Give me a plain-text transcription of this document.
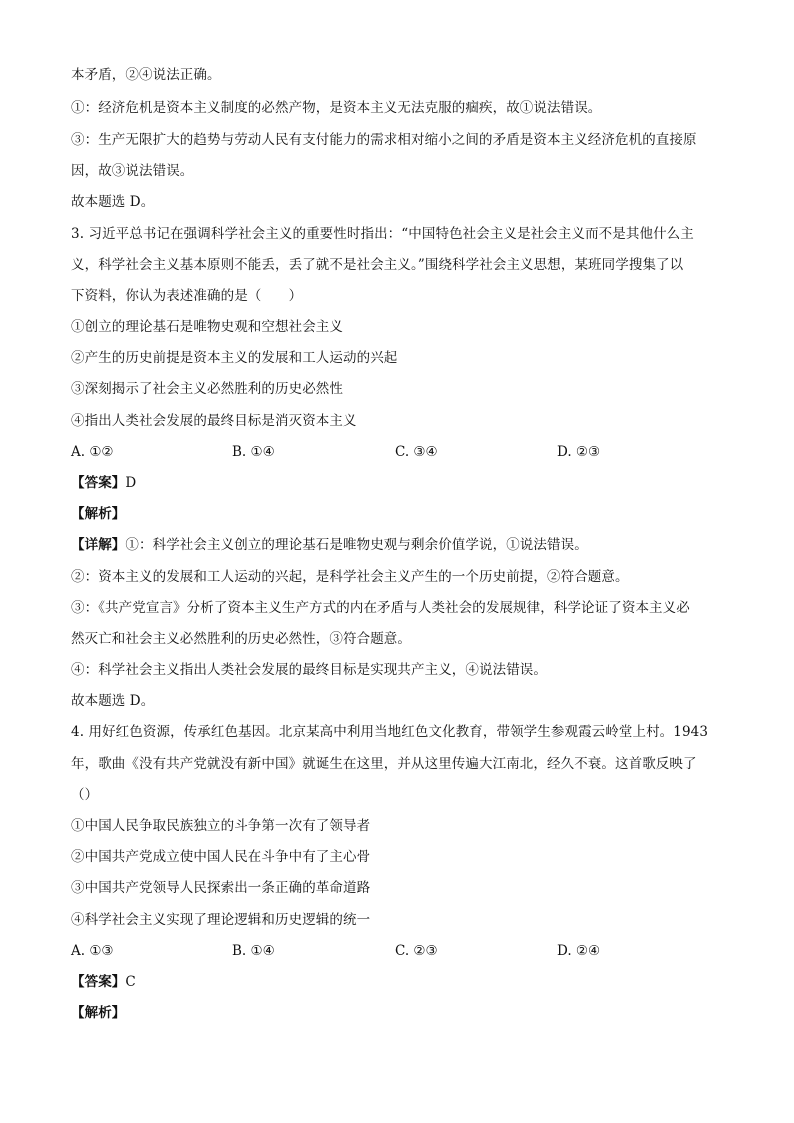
本矛盾，②④说法正确。
①：经济危机是资本主义制度的必然产物，是资本主义无法克服的痼疾，故①说法错误。
③：生产无限扩大的趋势与劳动人民有支付能力的需求相对缩小之间的矛盾是资本主义经济危机的直接原
因，故③说法错误。
故本题选 D。
3. 习近平总书记在强调科学社会主义的重要性时指出：“中国特色社会主义是社会主义而不是其他什么主
义，科学社会主义基本原则不能丢，丢了就不是社会主义。”围绕科学社会主义思想，某班同学搜集了以
下资料，你认为表述准确的是（　　）
①创立的理论基石是唯物史观和空想社会主义
②产生的历史前提是资本主义的发展和工人运动的兴起
③深刻揭示了社会主义必然胜利的历史必然性
④指出人类社会发展的最终目标是消灭资本主义
A. ①②	B. ①④	C. ③④	D. ②③
【答案】D
【解析】
【详解】①：科学社会主义创立的理论基石是唯物史观与剩余价值学说，①说法错误。
②：资本主义的发展和工人运动的兴起，是科学社会主义产生的一个历史前提，②符合题意。
③：《共产党宣言》分析了资本主义生产方式的内在矛盾与人类社会的发展规律，科学论证了资本主义必
然灭亡和社会主义必然胜利的历史必然性，③符合题意。
④：科学社会主义指出人类社会发展的最终目标是实现共产主义，④说法错误。
故本题选 D。
4. 用好红色资源，传承红色基因。北京某高中利用当地红色文化教育，带领学生参观霞云岭堂上村。1943
年，歌曲《没有共产党就没有新中国》就诞生在这里，并从这里传遍大江南北，经久不衰。这首歌反映了
（）
①中国人民争取民族独立的斗争第一次有了领导者
②中国共产党成立使中国人民在斗争中有了主心骨
③中国共产党领导人民探索出一条正确的革命道路
④科学社会主义实现了理论逻辑和历史逻辑的统一
A. ①③	B. ①④	C. ②③	D. ②④
【答案】C
【解析】
